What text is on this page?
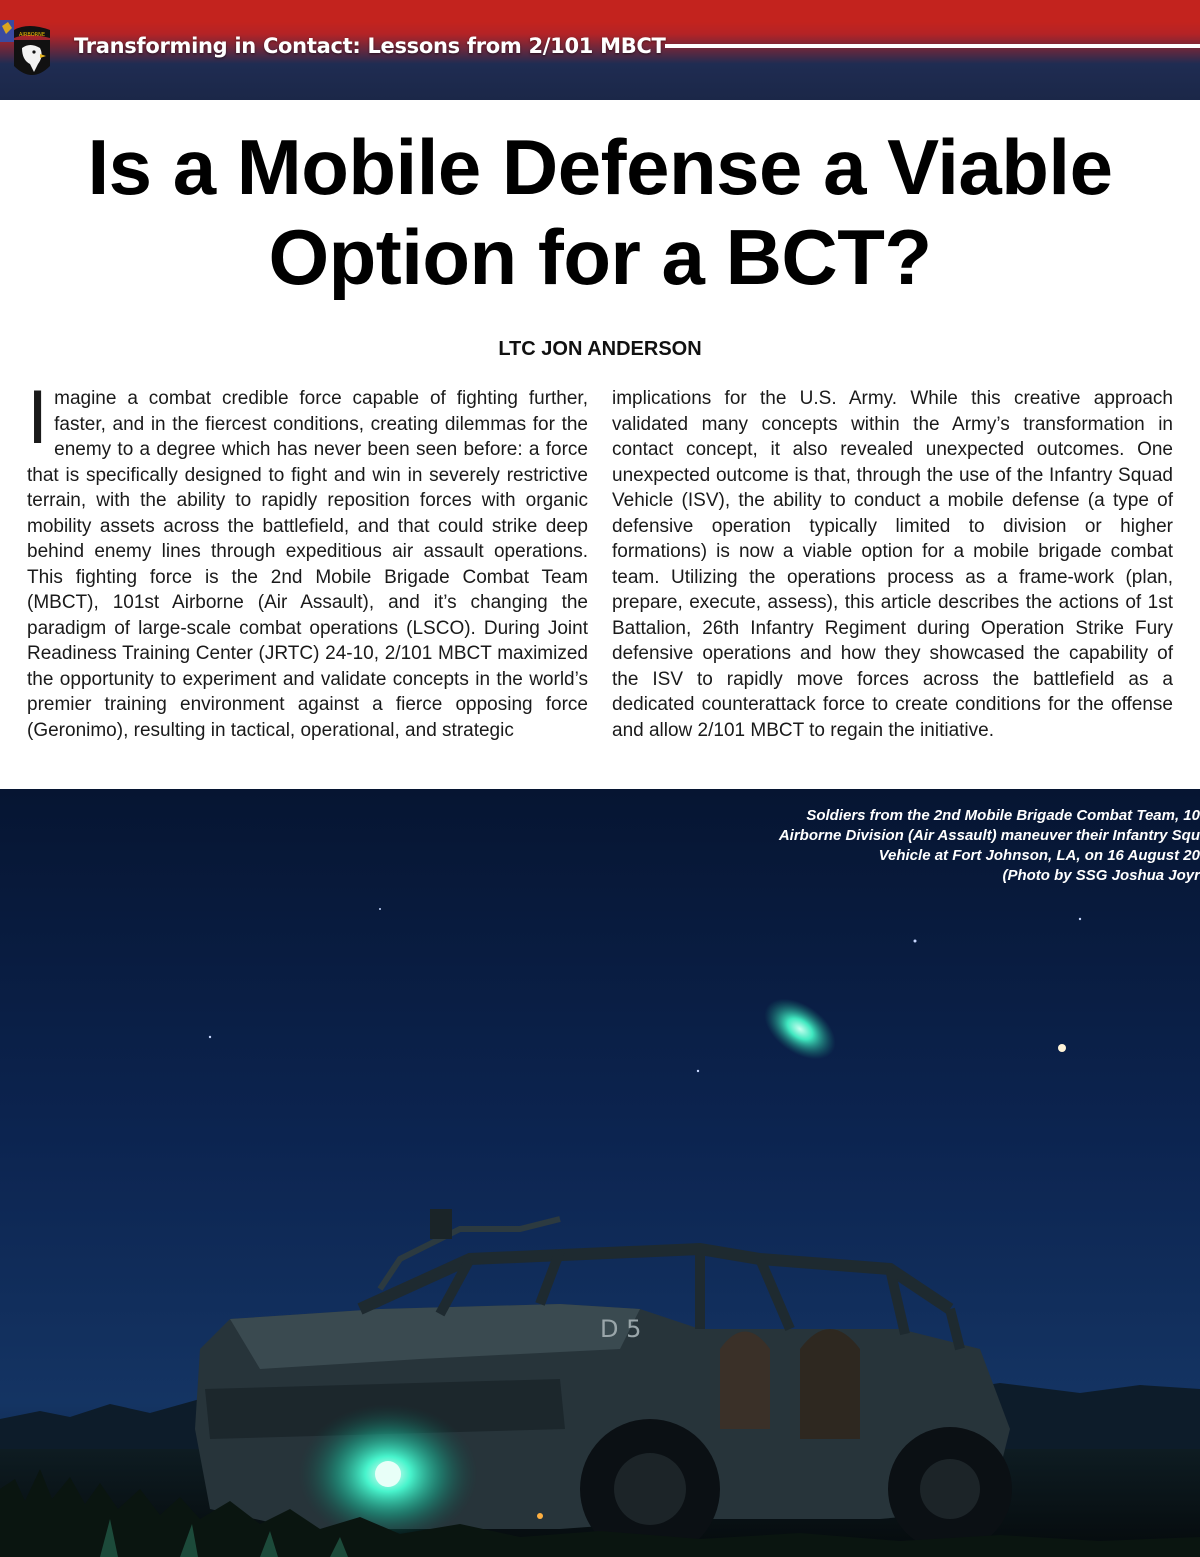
AIRBORNE Transforming in Contact: Lessons from 2/101 MBCT
Is a Mobile Defense a Viable
Option for a BCT?
LTC JON ANDERSON
Imagine a combat credible force capable of fighting further, faster, and in the fiercest conditions, creating dilemmas for the enemy to a degree which has never been seen before: a force that is specifically designed to fight and win in severely restrictive terrain, with the ability to rapidly reposition forces with organic mobility assets across the battlefield, and that could strike deep behind enemy lines through expeditious air assault operations. This fighting force is the 2nd Mobile Brigade Combat Team (MBCT), 101st Airborne (Air Assault), and it’s changing the paradigm of large-scale combat operations (LSCO). During Joint Readiness Training Center (JRTC) 24-10, 2/101 MBCT maximized the opportunity to experiment and validate concepts in the world’s premier training environment against a fierce opposing force (Geronimo), resulting in tactical, operational, and strategic
implications for the U.S. Army. While this creative approach validated many concepts within the Army’s transformation in contact concept, it also revealed unexpected outcomes. One unexpected outcome is that, through the use of the Infantry Squad Vehicle (ISV), the ability to conduct a mobile defense (a type of defensive operation typically limited to division or higher formations) is now a viable option for a mobile brigade combat team. Utilizing the operations process as a frame-work (plan, prepare, execute, assess), this article describes the actions of 1st Battalion, 26th Infantry Regiment during Operation Strike Fury defensive operations and how they showcased the capability of the ISV to rapidly move forces across the battlefield as a dedicated counterattack force to create conditions for the offense and allow 2/101 MBCT to regain the initiative.
D 5
Soldiers from the 2nd Mobile Brigade Combat Team, 10
Airborne Division (Air Assault) maneuver their Infantry Squ
Vehicle at Fort Johnson, LA, on 16 August 20
(Photo by SSG Joshua Joyr
